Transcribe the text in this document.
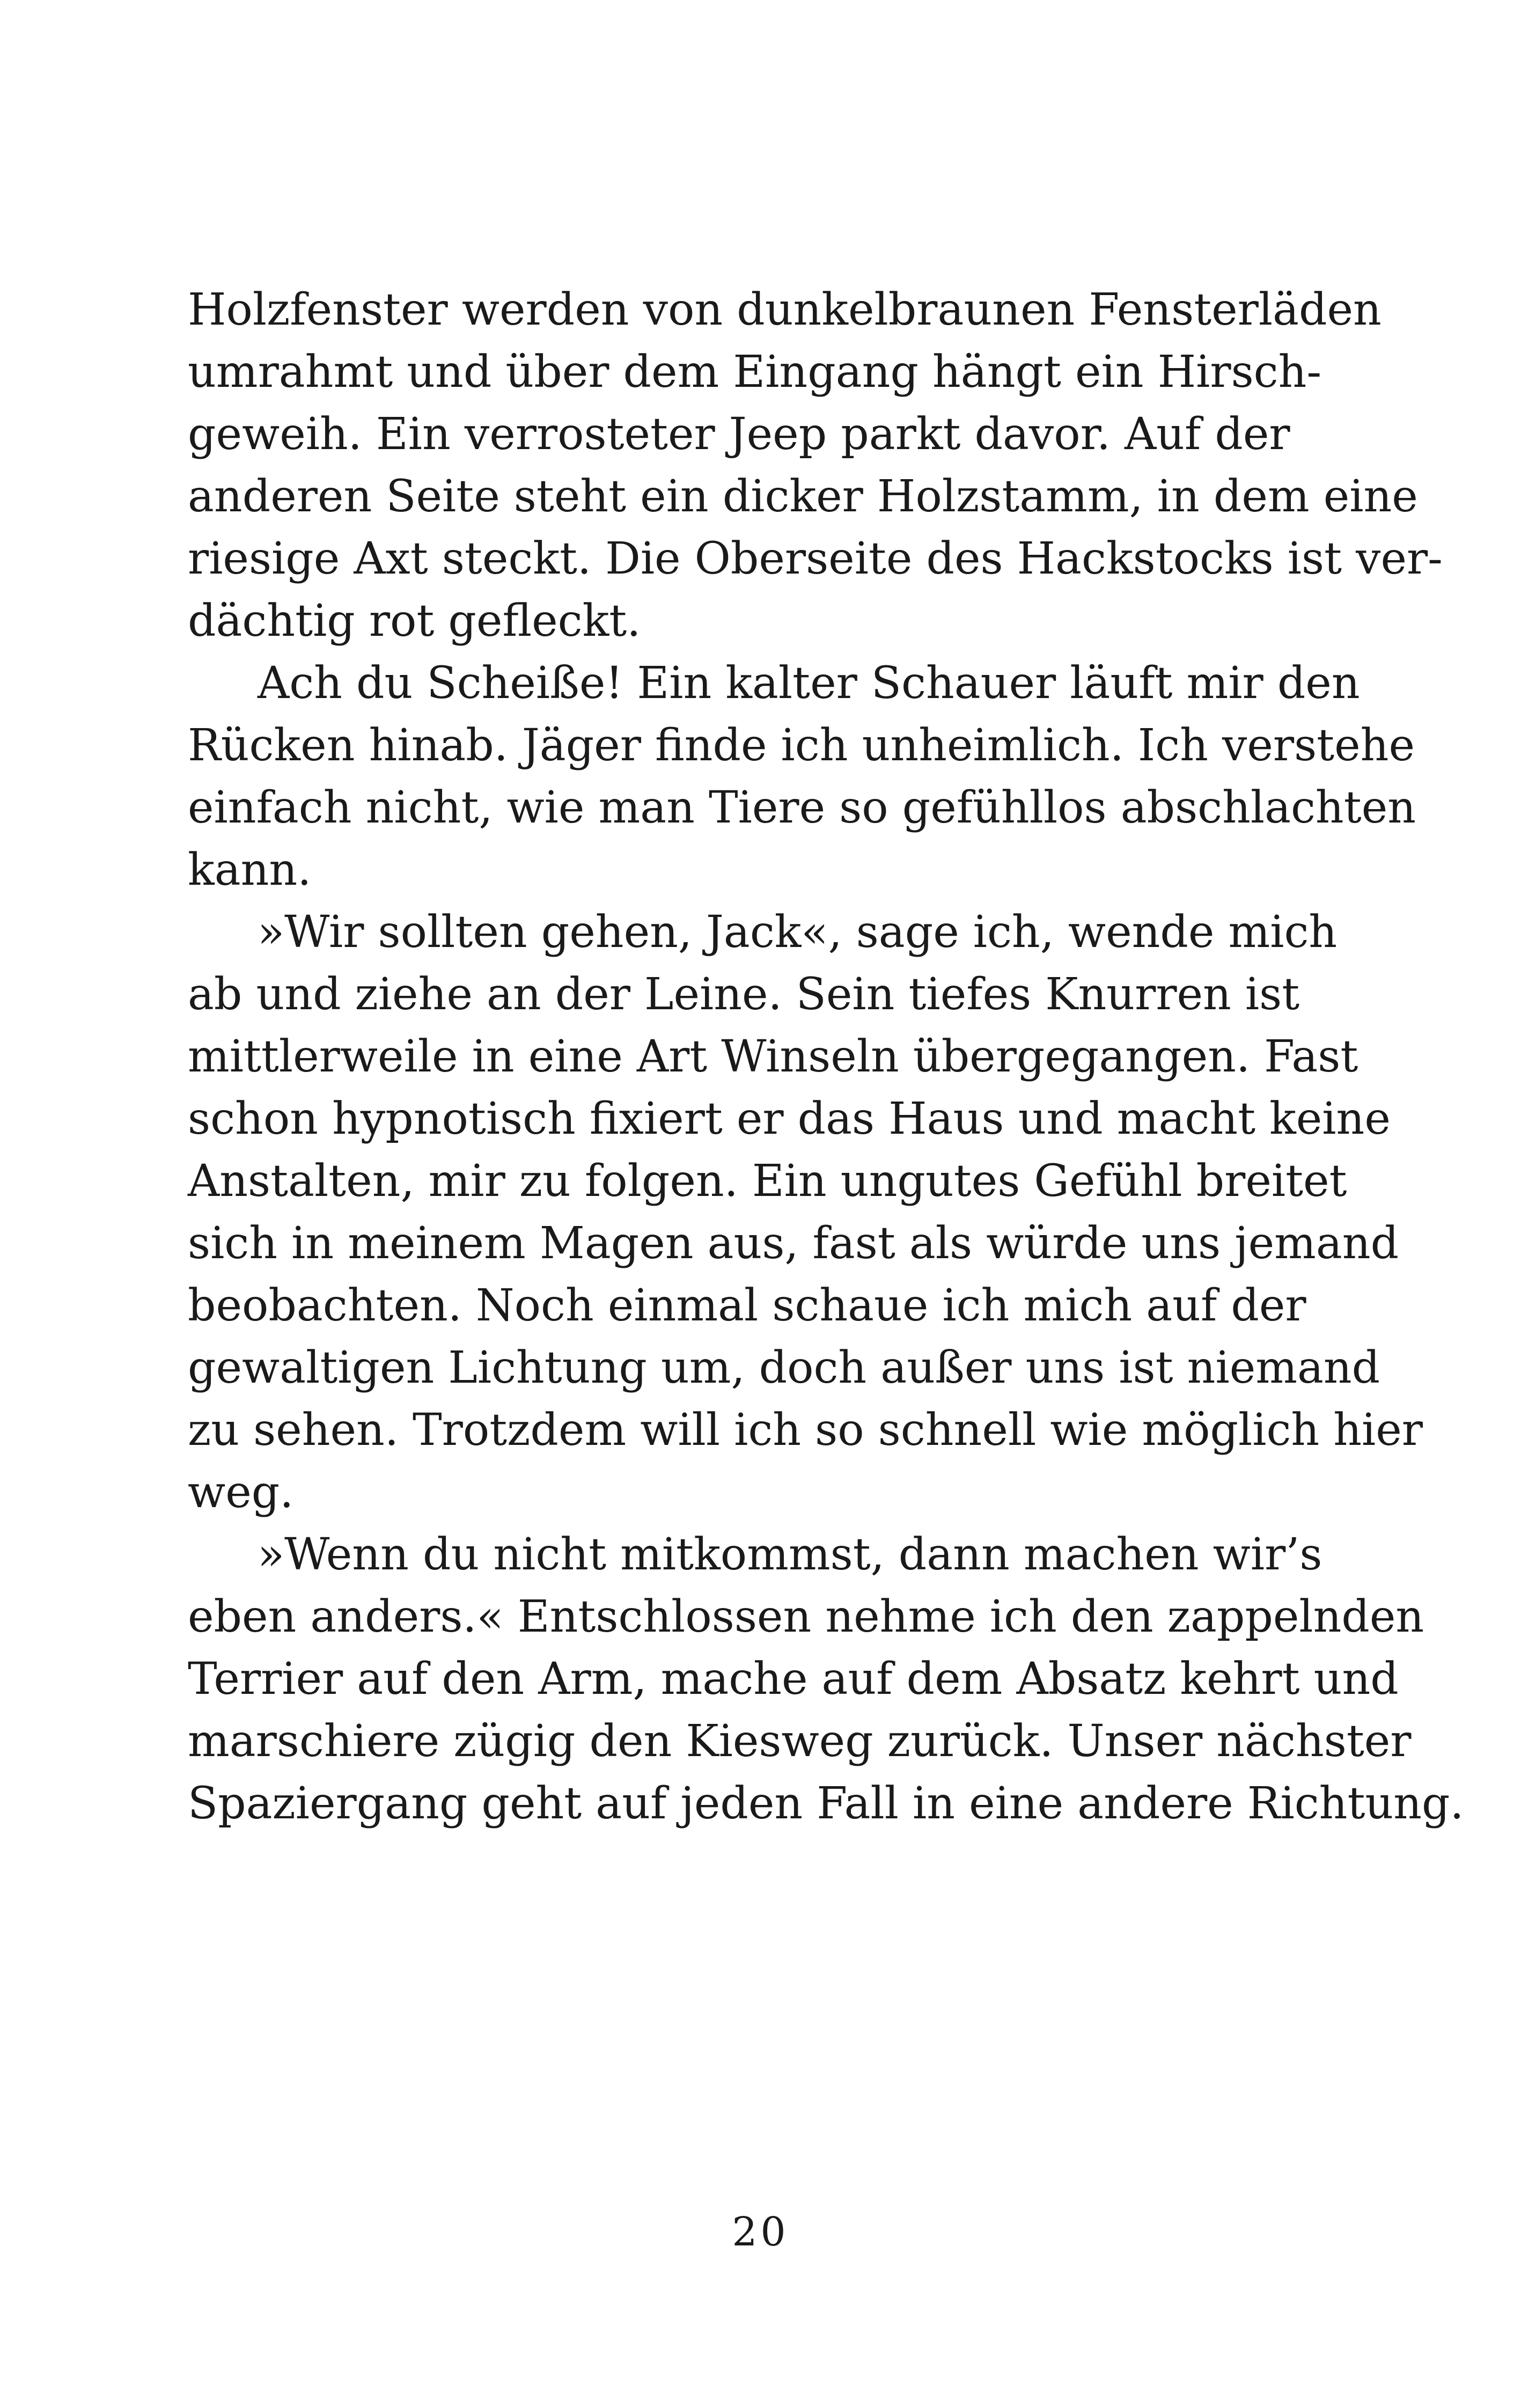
Holzfenster werden von dunkelbraunen Fensterläden
umrahmt und über dem Eingang hängt ein Hirsch-
geweih. Ein verrosteter Jeep parkt davor. Auf der
anderen Seite steht ein dicker Holzstamm, in dem eine
riesige Axt steckt. Die Oberseite des Hackstocks ist ver-
dächtig rot gefleckt.
Ach du Scheiße! Ein kalter Schauer läuft mir den
Rücken hinab. Jäger finde ich unheimlich. Ich verstehe
einfach nicht, wie man Tiere so gefühllos abschlachten
kann.
»Wir sollten gehen, Jack«, sage ich, wende mich
ab und ziehe an der Leine. Sein tiefes Knurren ist
mittlerweile in eine Art Winseln übergegangen. Fast
schon hypnotisch fixiert er das Haus und macht keine
Anstalten, mir zu folgen. Ein ungutes Gefühl breitet
sich in meinem Magen aus, fast als würde uns jemand
beobachten. Noch einmal schaue ich mich auf der
gewaltigen Lichtung um, doch außer uns ist niemand
zu sehen. Trotzdem will ich so schnell wie möglich hier
weg.
»Wenn du nicht mitkommst, dann machen wir’s
eben anders.« Entschlossen nehme ich den zappelnden
Terrier auf den Arm, mache auf dem Absatz kehrt und
marschiere zügig den Kiesweg zurück. Unser nächster
Spaziergang geht auf jeden Fall in eine andere Richtung.
20
